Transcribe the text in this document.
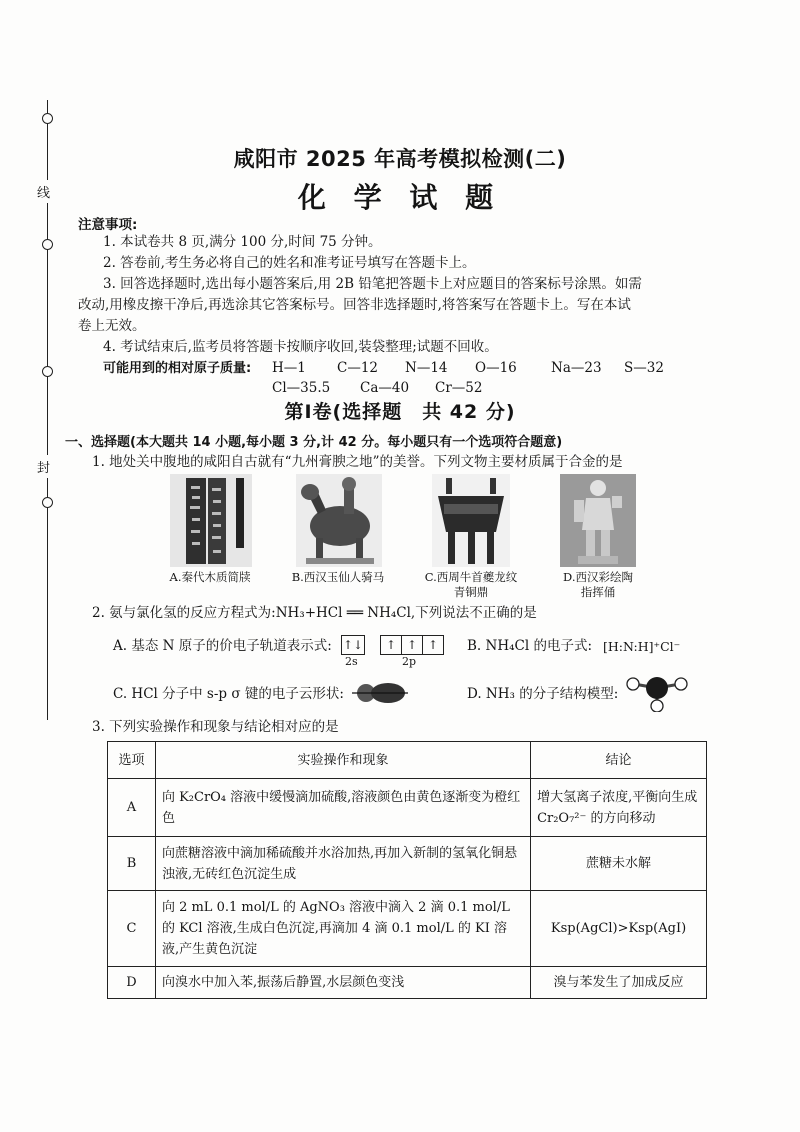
线
封
咸阳市 2025 年高考模拟检测(二)
化 学 试 题
注意事项:
1. 本试卷共 8 页,满分 100 分,时间 75 分钟。
2. 答卷前,考生务必将自己的姓名和准考证号填写在答题卡上。
3. 回答选择题时,选出每小题答案后,用 2B 铅笔把答题卡上对应题目的答案标号涂黑。如需
改动,用橡皮擦干净后,再选涂其它答案标号。回答非选择题时,将答案写在答题卡上。写在本试
卷上无效。
4. 考试结束后,监考员将答题卡按顺序收回,装袋整理;试题不回收。
可能用到的相对原子质量: H—1 C—12 N—14 O—16	Na—23 S—32
Cl—35.5 Ca—40 Cr—52
第Ⅰ卷(选择题　共 42 分)
一、选择题(本大题共 14 小题,每小题 3 分,计 42 分。每小题只有一个选项符合题意)
1. 地处关中腹地的咸阳自古就有“九州膏腴之地”的美誉。下列文物主要材质属于合金的是
A.秦代木质简牍	B.西汉玉仙人骑马	C.西周牛首夔龙纹
青铜鼎
D.西汉彩绘陶
指挥俑
2. 氨与氯化氢的反应方程式为:NH₃+HCl ══ NH₄Cl,下列说法不正确的是
A. 基态 N 原子的价电子轨道表示式: ↑↓	↑ ↑ ↑
2s	2p
B. NH₄Cl 的电子式: [H:N:H]⁺Cl⁻
C. HCl 分子中 s-p σ 键的电子云形状:	D. NH₃ 的分子结构模型:
3. 下列实验操作和现象与结论相对应的是
选项	实验操作和现象	结论
A	向 K₂CrO₄ 溶液中缓慢滴加硫酸,溶液颜色由黄色逐渐变为橙红色	增大氢离子浓度,平衡向生成 Cr₂O₇²⁻ 的方向移动
B	向蔗糖溶液中滴加稀硫酸并水浴加热,再加入新制的氢氧化铜悬浊液,无砖红色沉淀生成	蔗糖未水解
C	向 2 mL 0.1 mol/L 的 AgNO₃ 溶液中滴入 2 滴 0.1 mol/L 的 KCl 溶液,生成白色沉淀,再滴加 4 滴 0.1 mol/L 的 KI 溶液,产生黄色沉淀	Ksp(AgCl)>Ksp(AgI)
D	向溴水中加入苯,振荡后静置,水层颜色变浅	溴与苯发生了加成反应
